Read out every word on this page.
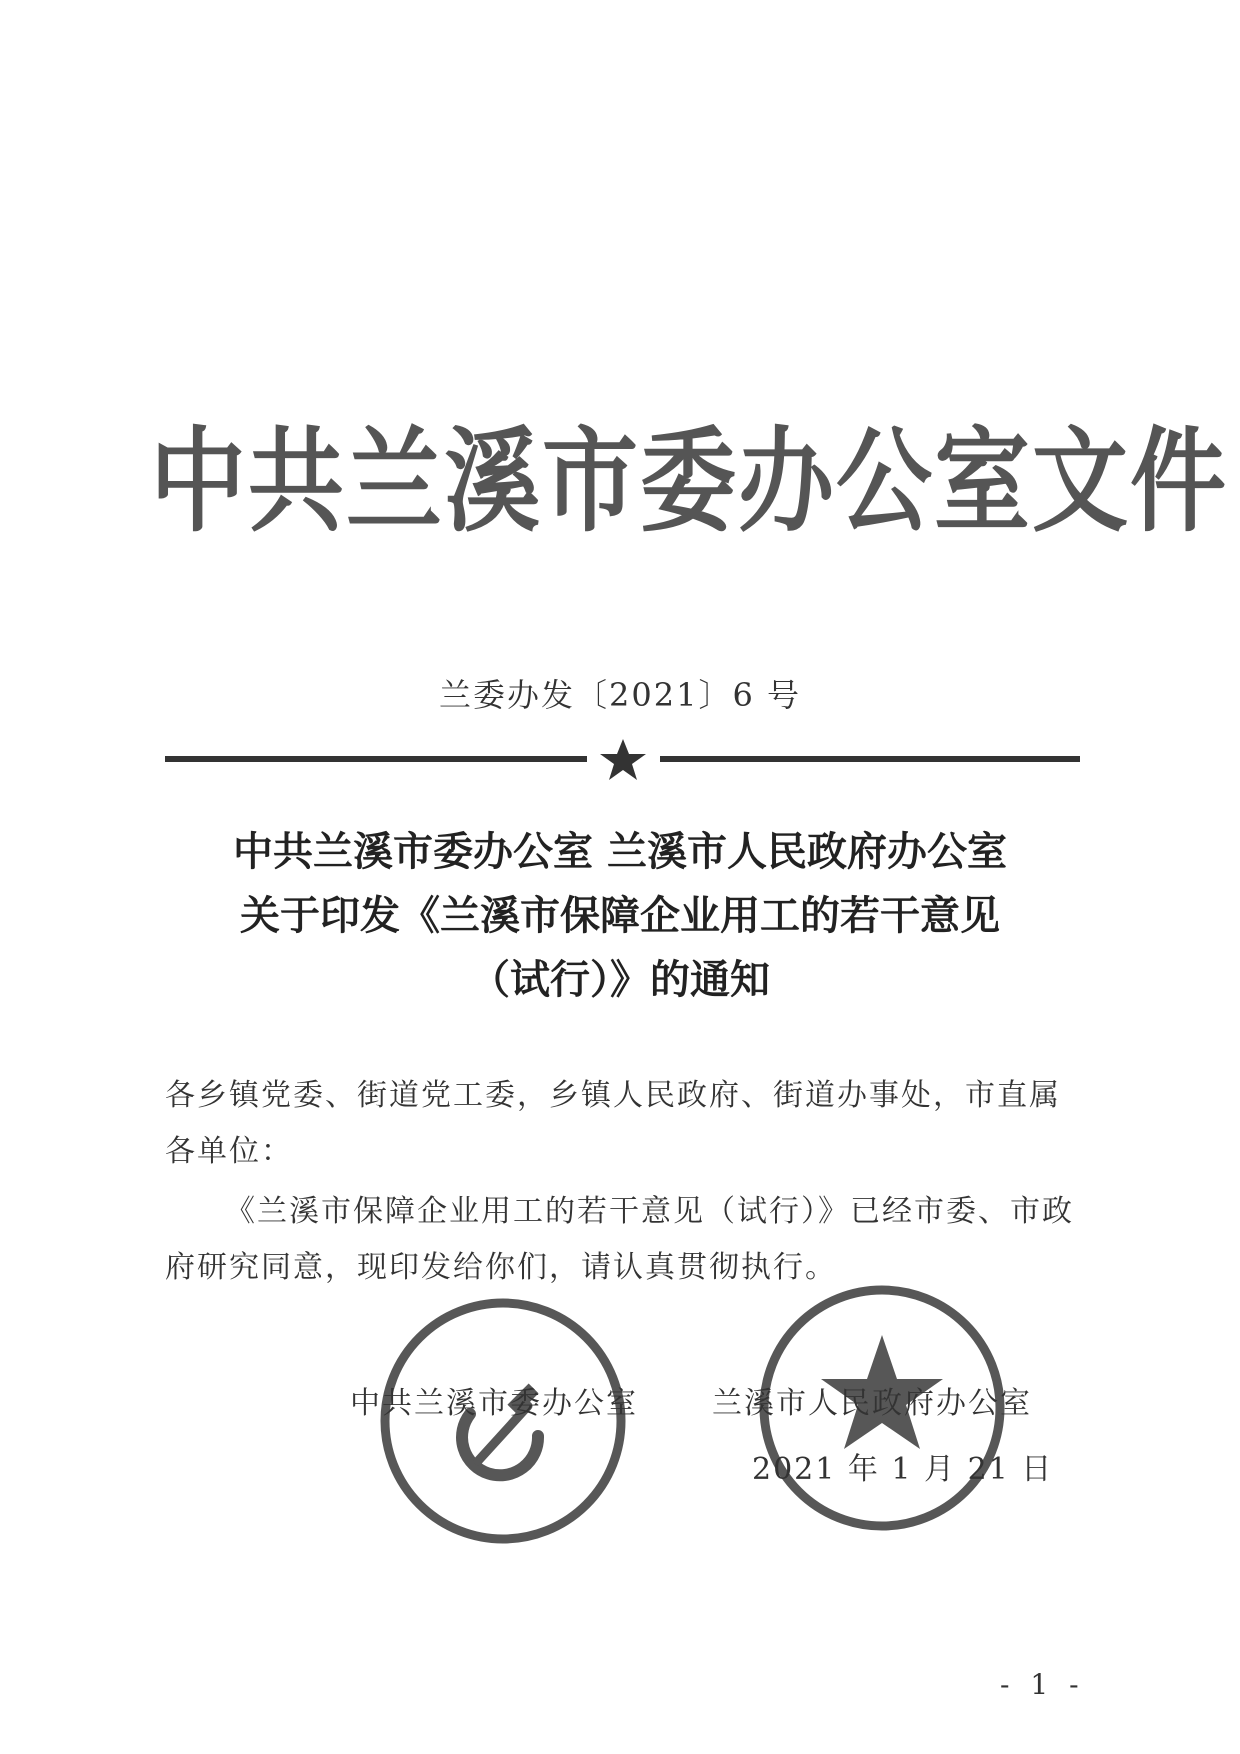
中共兰溪市委办公室文件
兰委办发〔2021〕6 号
中共兰溪市委办公室 兰溪市人民政府办公室
关于印发《兰溪市保障企业用工的若干意见
（试行）》的通知

各乡镇党委、街道党工委，乡镇人民政府、街道办事处，市直属各单位：

《兰溪市保障企业用工的若干意见（试行）》已经市委、市政府研究同意，现印发给你们，请认真贯彻执行。

中共兰溪市委办公室 兰溪市人民政府办公室
2021 年 1 月 21 日
- 1 -
